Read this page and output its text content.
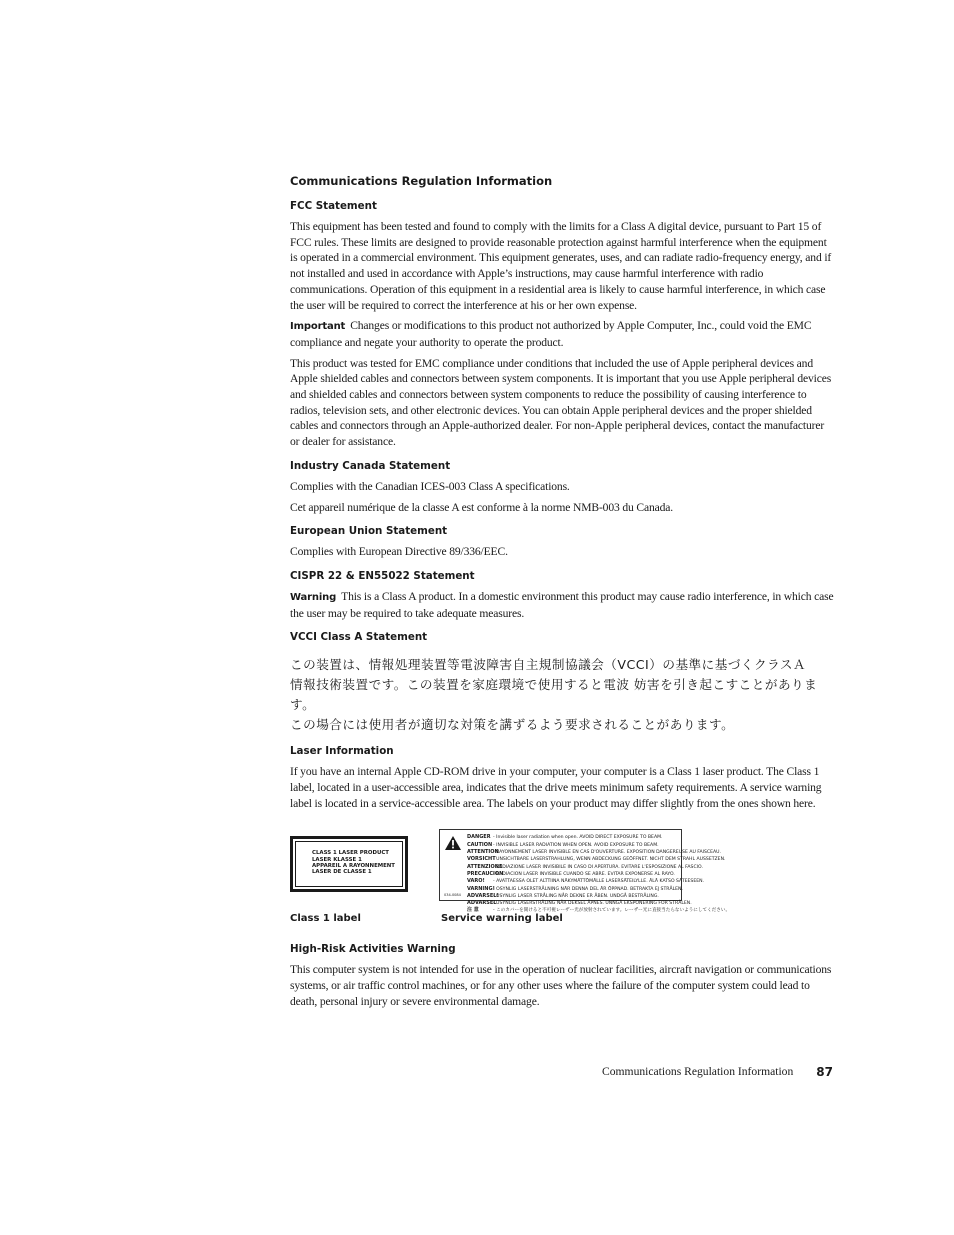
Communications Regulation Information
FCC Statement

This equipment has been tested and found to comply with the limits for a Class A digital device, pursuant to Part 15 of FCC rules. These limits are designed to provide reasonable protection against harmful interference when the equipment is operated in a commercial environment. This equipment generates, uses, and can radiate radio-frequency energy, and if not installed and used in accordance with Apple’s instructions, may cause harmful interference with radio communications. Operation of this equipment in a residential area is likely to cause harmful interference, in which case the user will be required to correct the interference at his or her own expense.

Important Changes or modifications to this product not authorized by Apple Computer, Inc., could void the EMC compliance and negate your authority to operate the product.

This product was tested for EMC compliance under conditions that included the use of Apple peripheral devices and Apple shielded cables and connectors between system components. It is important that you use Apple peripheral devices and shielded cables and connectors between system components to reduce the possibility of causing interference to radios, television sets, and other electronic devices. You can obtain Apple peripheral devices and the proper shielded cables and connectors through an Apple-authorized dealer. For non-Apple peripheral devices, contact the manufacturer or dealer for assistance.

Industry Canada Statement

Complies with the Canadian ICES-003 Class A specifications.

Cet appareil numérique de la classe A est conforme à la norme NMB-003 du Canada.

European Union Statement

Complies with European Directive 89/336/EEC.

CISPR 22 & EN55022 Statement

Warning This is a Class A product. In a domestic environment this product may cause radio interference, in which case the user may be required to take adequate measures.

VCCI Class A Statement
この装置は、情報処理装置等電波障害自主規制協議会（VCCI）の基準に基づくクラスＡ
情報技術装置です。この装置を家庭環境で使用すると電波 妨害を引き起こすことがあります。
この場合には使用者が適切な対策を講ずるよう要求されることがあります。
Laser Information

If you have an internal Apple CD-ROM drive in your computer, your computer is a Class 1 laser product. The Class 1 label, located in a user-accessible area, indicates that the drive meets minimum safety requirements. A service warning label is located in a service-accessible area. The labels on your product may differ slightly from the ones shown here.

CLASS 1 LASER PRODUCT
LASER KLASSE 1
APPAREIL A RAYONNEMENT
LASER DE CLASSE 1
DANGER - Invisible laser radiation when open. AVOID DIRECT EXPOSURE TO BEAM.
CAUTION- INVISIBLE LASER RADIATION WHEN OPEN. AVOID EXPOSURE TO BEAM.
ATTENTION- RAYONNEMENT LASER INVISIBLE EN CAS D'OUVERTURE. EXPOSITION DANGEREUSE AU FAISCEAU.
VORSICHT- UNSICHTBARE LASERSTRAHLUNG, WENN ABDECKUNG GEÖFFNET. NICHT DEM STRAHL AUSSETZEN.
ATTENZIONE- RADIAZIONE LASER INVISIBILE IN CASO DI APERTURA. EVITARE L'ESPOSIZIONE AL FASCIO.
PRECAUCION- RADIACION LASER INVISIBLE CUANDO SE ABRE. EVITAR EXPONERSE AL RAYO.
VARO! - AVATTAESSA OLET ALTTIINA NÄKYMÄTTÖMÄLLE LASERSÄTEILYLLE. ÄLÄ KATSO SÄTEESEEN.
VARNING!- OSYNLIG LASERSTRÅLNING NÄR DENNA DEL ÄR ÖPPNAD. BETRAKTA EJ STRÅLEN.
ADVARSEL!- USYNLIG LASER STRÅLING NÅR DEKNE ER ÅBEN. UNDGÅ BESTRÅLING.
ADVARSEL- USYNLIG LASERSTRÅLING NÅR DEKSEL ÅPNES. UNNGÅ EKSPONERING FOR STRÅLEN.
注 意	- このカバーを開けると不可視レーザー光が放射されています。レーザー光に直接当たらないようにしてください。
034-0084
Class 1 label	Service warning label
High-Risk Activities Warning

This computer system is not intended for use in the operation of nuclear facilities, aircraft navigation or communications systems, or air traffic control machines, or for any other uses where the failure of the computer system could lead to death, personal injury or severe environmental damage.

Communications Regulation Information 87
